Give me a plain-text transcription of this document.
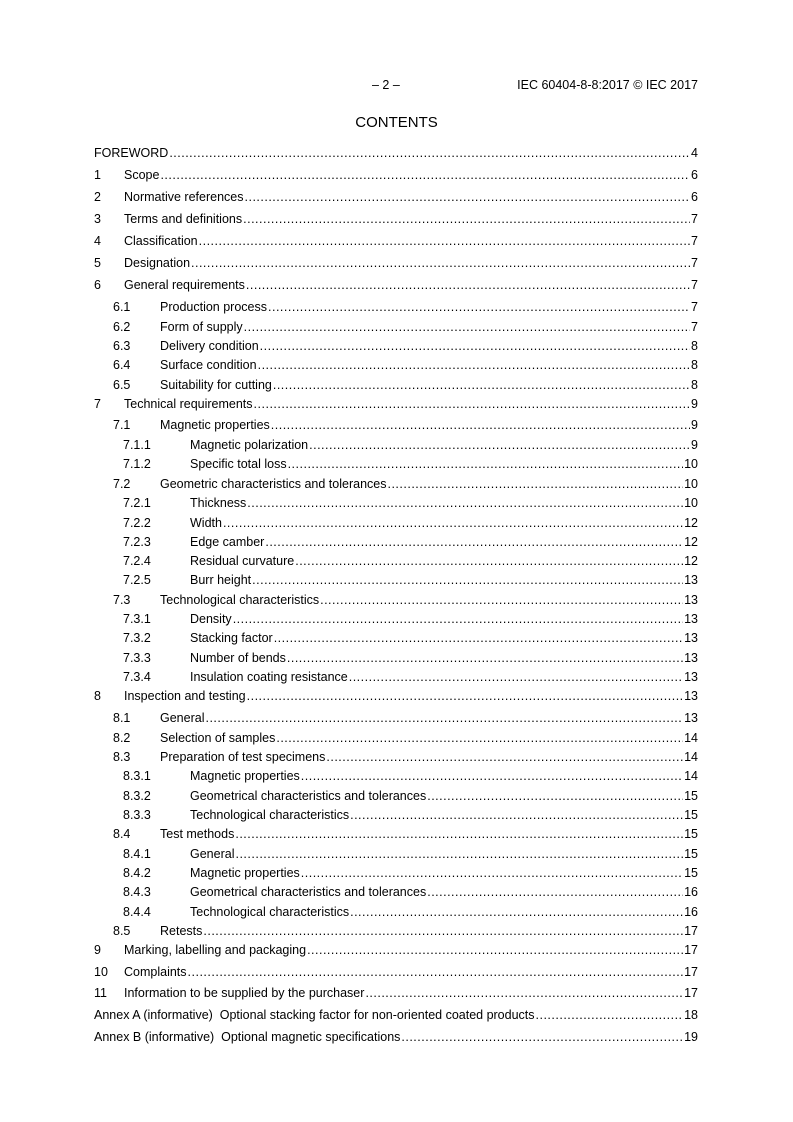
– 2 –	IEC 60404-8-8:2017 © IEC 2017
CONTENTS
FOREWORD .....	4
1	Scope .....	6
2	Normative references .....	6
3	Terms and definitions .....	7
4	Classification .....	7
5	Designation .....	7
6	General requirements .....	7
6.1	Production process .....	7
6.2	Form of supply .....	7
6.3	Delivery condition .....	8
6.4	Surface condition .....	8
6.5	Suitability for cutting .....	8
7	Technical requirements .....	9
7.1	Magnetic properties .....	9
7.1.1	Magnetic polarization .....	9
7.1.2	Specific total loss .....	10
7.2	Geometric characteristics and tolerances .....	10
7.2.1	Thickness .....	10
7.2.2	Width .....	12
7.2.3	Edge camber .....	12
7.2.4	Residual curvature .....	12
7.2.5	Burr height .....	13
7.3	Technological characteristics .....	13
7.3.1	Density .....	13
7.3.2	Stacking factor .....	13
7.3.3	Number of bends .....	13
7.3.4	Insulation coating resistance .....	13
8	Inspection and testing .....	13
8.1	General .....	13
8.2	Selection of samples .....	14
8.3	Preparation of test specimens .....	14
8.3.1	Magnetic properties .....	14
8.3.2	Geometrical characteristics and tolerances .....	15
8.3.3	Technological characteristics .....	15
8.4	Test methods .....	15
8.4.1	General .....	15
8.4.2	Magnetic properties .....	15
8.4.3	Geometrical characteristics and tolerances .....	16
8.4.4	Technological characteristics .....	16
8.5	Retests .....	17
9	Marking, labelling and packaging .....	17
10	Complaints .....	17
11	Information to be supplied by the purchaser .....	17
Annex A (informative)  Optional stacking factor for non-oriented coated products .....	18
Annex B (informative)  Optional magnetic specifications .....	19
